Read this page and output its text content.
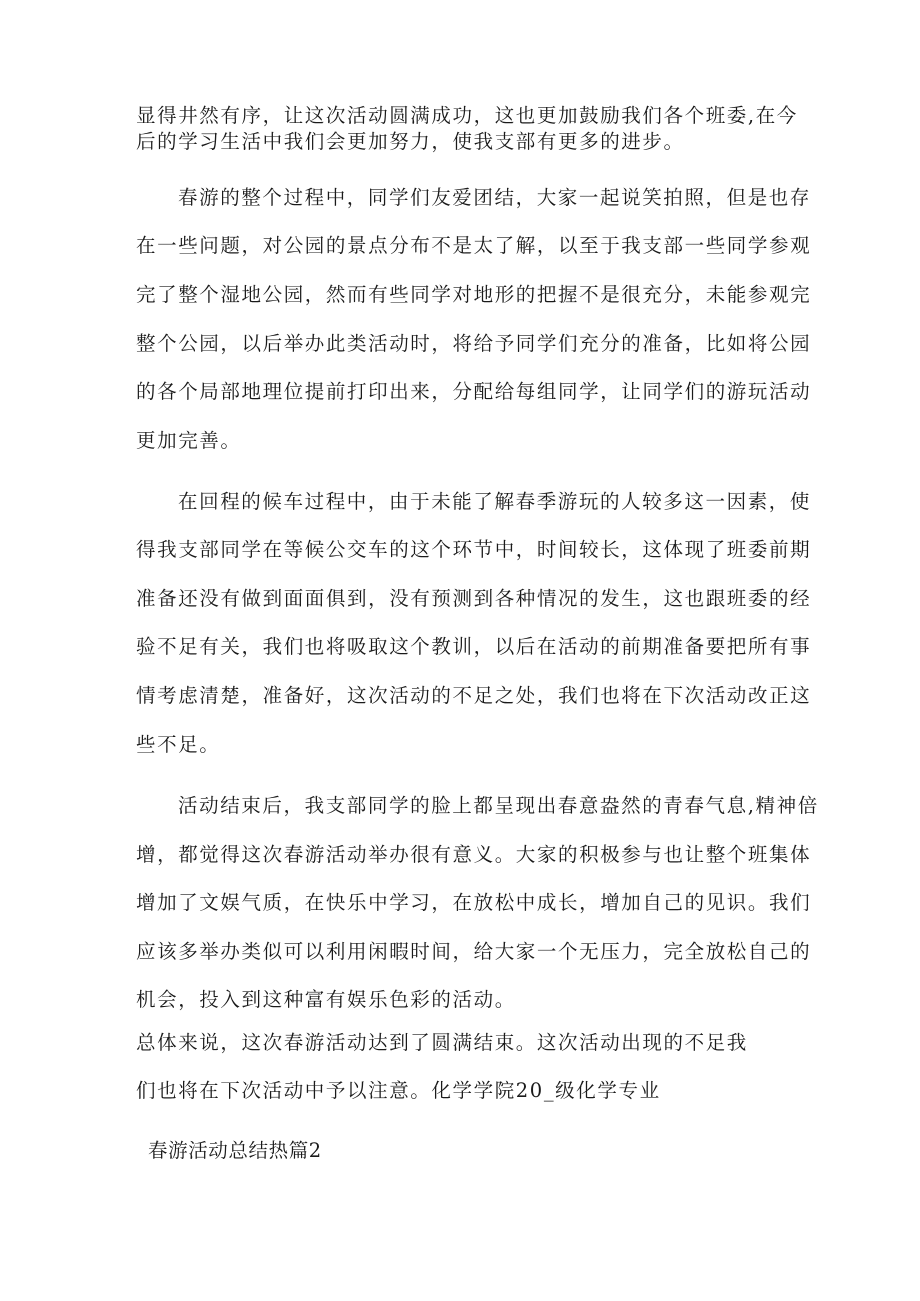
显得井然有序，让这次活动圆满成功，这也更加鼓励我们各个班委,在今
后的学习生活中我们会更加努力，使我支部有更多的进步。
春游的整个过程中，同学们友爱团结，大家一起说笑拍照，但是也存
在一些问题，对公园的景点分布不是太了解，以至于我支部一些同学参观
完了整个湿地公园，然而有些同学对地形的把握不是很充分，未能参观完
整个公园，以后举办此类活动时，将给予同学们充分的准备，比如将公园
的各个局部地理位提前打印出来，分配给每组同学，让同学们的游玩活动
更加完善。
在回程的候车过程中，由于未能了解春季游玩的人较多这一因素，使
得我支部同学在等候公交车的这个环节中，时间较长，这体现了班委前期
准备还没有做到面面俱到，没有预测到各种情况的发生，这也跟班委的经
验不足有关，我们也将吸取这个教训，以后在活动的前期准备要把所有事
情考虑清楚，准备好，这次活动的不足之处，我们也将在下次活动改正这
些不足。
活动结束后，我支部同学的脸上都呈现出春意盎然的青春气息,精神倍
增，都觉得这次春游活动举办很有意义。大家的积极参与也让整个班集体
增加了文娱气质，在快乐中学习，在放松中成长，增加自己的见识。我们
应该多举办类似可以利用闲暇时间，给大家一个无压力，完全放松自己的
机会，投入到这种富有娱乐色彩的活动。
总体来说，这次春游活动达到了圆满结束。这次活动出现的不足我
们也将在下次活动中予以注意。化学学院20_级化学专业
春游活动总结热篇2
